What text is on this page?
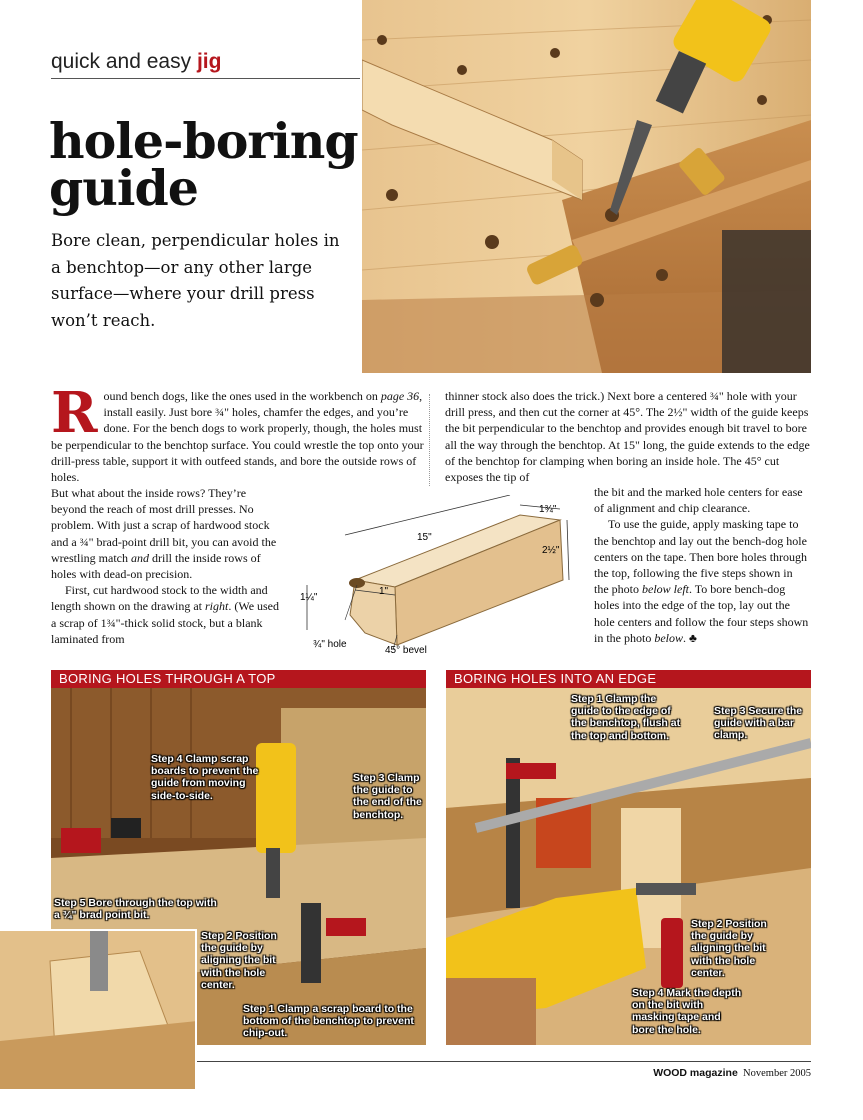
quick and easy jig
hole-boring guide

Bore clean, perpendicular holes in a benchtop—or any other large surface—where your drill press won’t reach.

Round bench dogs, like the ones used in the workbench on page 36, install easily. Just bore ¾" holes, chamfer the edges, and you’re done. For the bench dogs to work properly, though, the holes must be perpendicular to the benchtop surface. You could wrestle the top onto your drill-press table, support it with outfeed stands, and bore the outside rows of holes.

But what about the inside rows? They’re beyond the reach of most drill presses. No problem. With just a scrap of hardwood stock and a ¾" brad-point drill bit, you can avoid the wrestling match and drill the inside rows of holes with dead-on precision.

First, cut hardwood stock to the width and length shown on the drawing at right. (We used a scrap of 1¾"-thick solid stock, but a blank laminated from

thinner stock also does the trick.) Next bore a centered ¾" hole with your drill press, and then cut the corner at 45°. The 2½" width of the guide keeps the bit perpendicular to the benchtop and provides enough bit travel to bore all the way through the benchtop. At 15" long, the guide extends to the edge of the benchtop for clamping when boring an inside hole. The 45° cut exposes the tip of

the bit and the marked hole centers for ease of alignment and chip clearance.

To use the guide, apply masking tape to the benchtop and lay out the bench-dog hole centers on the tape. Then bore holes through the top, following the five steps shown in the photo below left. To bore bench-dog holes into the edge of the top, lay out the hole centers and follow the four steps shown in the photo below. ♣

15"
1¾"
2½"
1¼"
1"
¾" hole
45° bevel
BORING HOLES THROUGH A TOP
Step 4 Clamp scrap boards to prevent the guide from moving side-to-side.
Step 3 Clamp the guide to the end of the benchtop.
Step 5 Bore through the top with a ¾" brad point bit.
Step 2 Position the guide by aligning the bit with the hole center.
Step 1 Clamp a scrap board to the bottom of the benchtop to prevent chip-out.
BORING HOLES INTO AN EDGE
Step 1 Clamp the guide to the edge of the benchtop, flush at the top and bottom.
Step 3 Secure the guide with a bar clamp.
Step 2 Position the guide by aligning the bit with the hole center.
Step 4 Mark the depth on the bit with masking tape and bore the hole.
WOOD magazine November 2005
